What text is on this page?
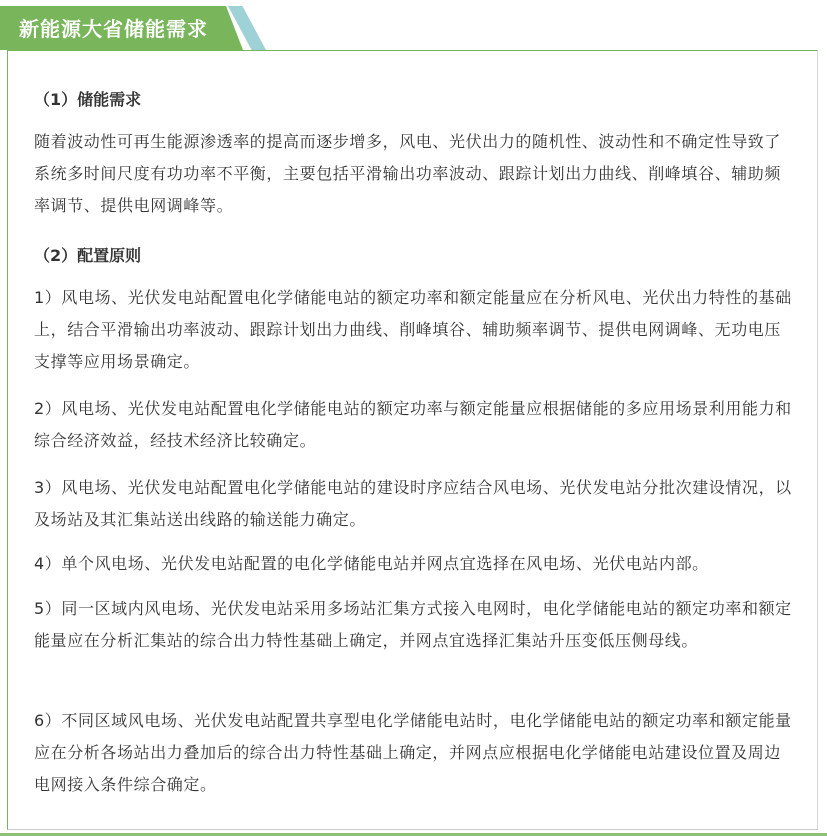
新能源大省储能需求
（1）储能需求
随着波动性可再生能源渗透率的提高而逐步增多，风电、光伏出力的随机性、波动性和不确定性导致了系统多时间尺度有功功率不平衡，主要包括平滑输出功率波动、跟踪计划出力曲线、削峰填谷、辅助频率调节、提供电网调峰等。
（2）配置原则
1）风电场、光伏发电站配置电化学储能电站的额定功率和额定能量应在分析风电、光伏出力特性的基础上，结合平滑输出功率波动、跟踪计划出力曲线、削峰填谷、辅助频率调节、提供电网调峰、无功电压支撑等应用场景确定。
2）风电场、光伏发电站配置电化学储能电站的额定功率与额定能量应根据储能的多应用场景利用能力和综合经济效益，经技术经济比较确定。
3）风电场、光伏发电站配置电化学储能电站的建设时序应结合风电场、光伏发电站分批次建设情况，以及场站及其汇集站送出线路的输送能力确定。
4）单个风电场、光伏发电站配置的电化学储能电站并网点宜选择在风电场、光伏电站内部。
5）同一区域内风电场、光伏发电站采用多场站汇集方式接入电网时，电化学储能电站的额定功率和额定能量应在分析汇集站的综合出力特性基础上确定，并网点宜选择汇集站升压变低压侧母线。
6）不同区域风电场、光伏发电站配置共享型电化学储能电站时，电化学储能电站的额定功率和额定能量应在分析各场站出力叠加后的综合出力特性基础上确定，并网点应根据电化学储能电站建设位置及周边电网接入条件综合确定。
